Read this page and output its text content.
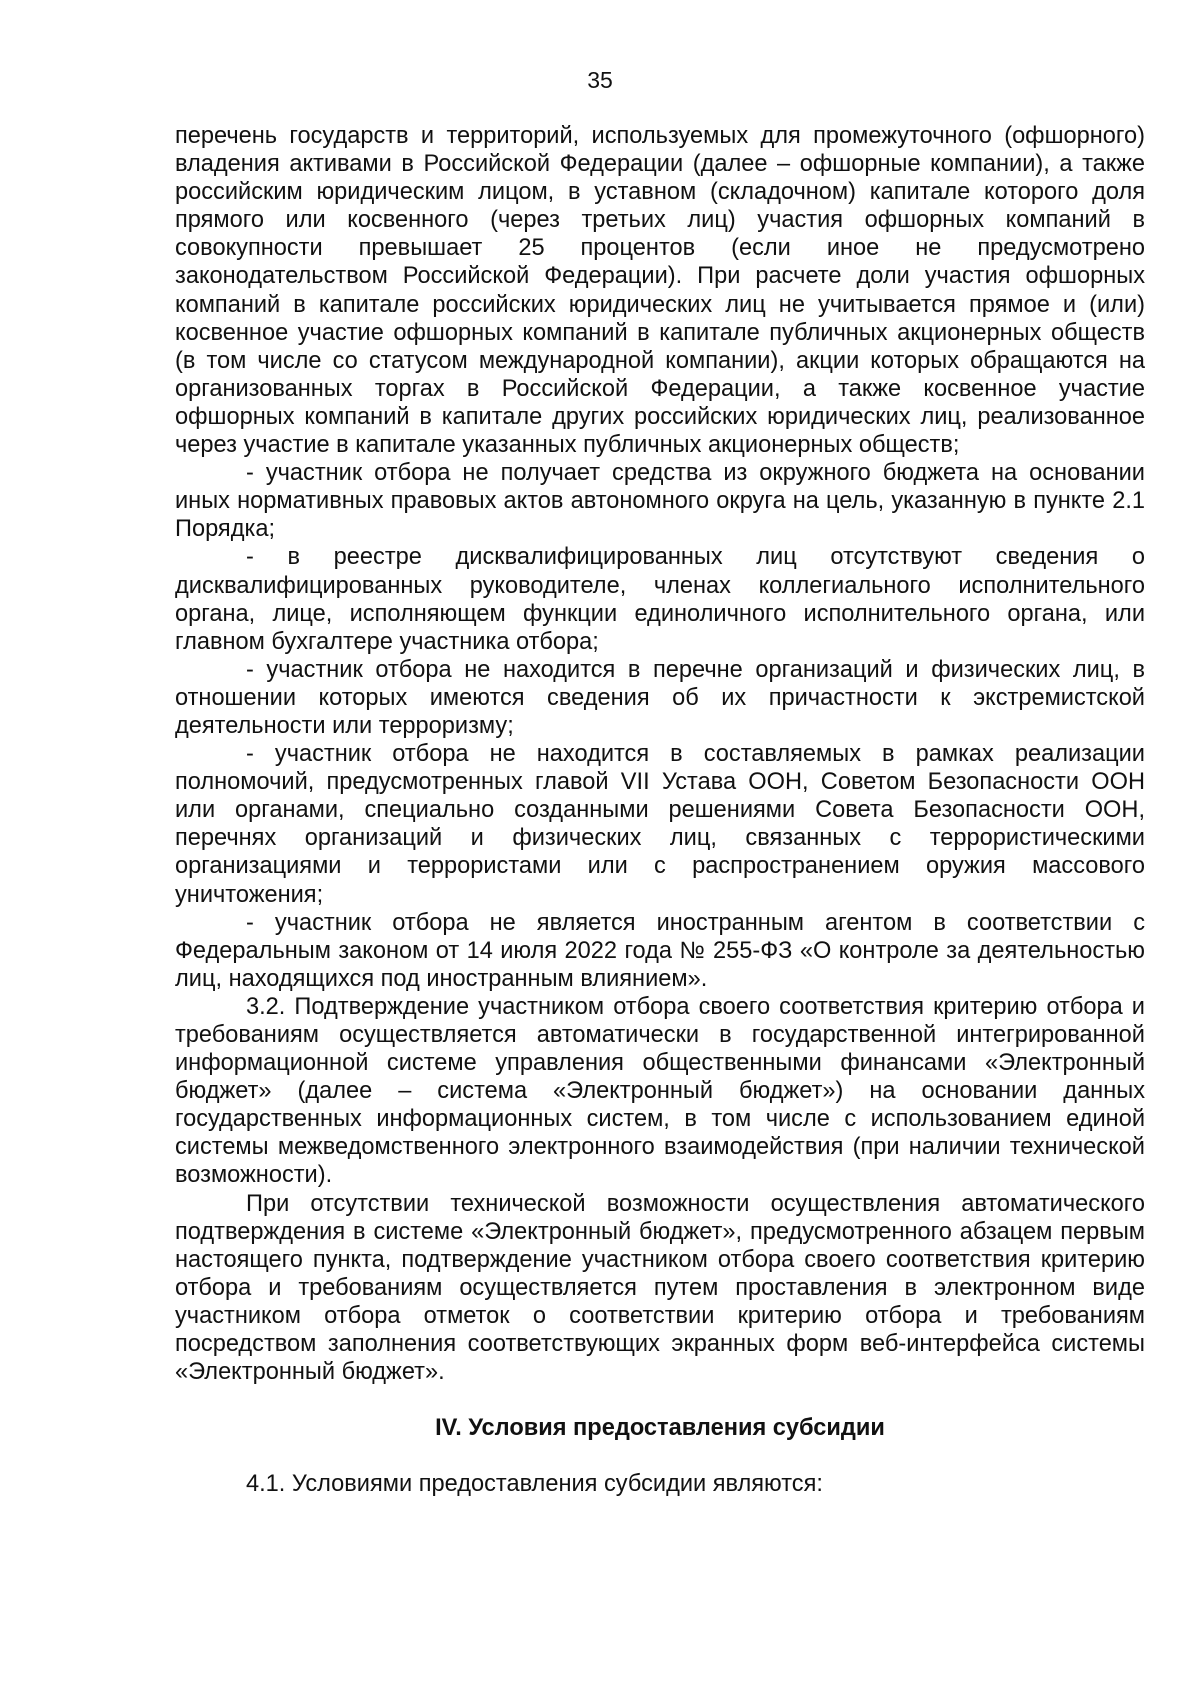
35

перечень государств и территорий, используемых для промежуточного (офшорного) владения активами в Российской Федерации (далее – офшорные компании), а также российским юридическим лицом, в уставном (складочном) капитале которого доля прямого или косвенного (через третьих лиц) участия офшорных компаний в совокупности превышает 25 процентов (если иное не предусмотрено законодательством Российской Федерации). При расчете доли участия офшорных компаний в капитале российских юридических лиц не учитывается прямое и (или) косвенное участие офшорных компаний в капитале публичных акционерных обществ (в том числе со статусом международной компании), акции которых обращаются на организованных торгах в Российской Федерации, а также косвенное участие офшорных компаний в капитале других российских юридических лиц, реализованное через участие в капитале указанных публичных акционерных обществ;

- участник отбора не получает средства из окружного бюджета на основании иных нормативных правовых актов автономного округа на цель, указанную в пункте 2.1 Порядка;

- в реестре дисквалифицированных лиц отсутствуют сведения о дисквалифицированных руководителе, членах коллегиального исполнительного органа, лице, исполняющем функции единоличного исполнительного органа, или главном бухгалтере участника отбора;

- участник отбора не находится в перечне организаций и физических лиц, в отношении которых имеются сведения об их причастности к экстремистской деятельности или терроризму;

- участник отбора не находится в составляемых в рамках реализации полномочий, предусмотренных главой VII Устава ООН, Советом Безопасности ООН или органами, специально созданными решениями Совета Безопасности ООН, перечнях организаций и физических лиц, связанных с террористическими организациями и террористами или с распространением оружия массового уничтожения;

- участник отбора не является иностранным агентом в соответствии с Федеральным законом от 14 июля 2022 года № 255-ФЗ «О контроле за деятельностью лиц, находящихся под иностранным влиянием».

3.2. Подтверждение участником отбора своего соответствия критерию отбора и требованиям осуществляется автоматически в государственной интегрированной информационной системе управления общественными финансами «Электронный бюджет» (далее – система «Электронный бюджет») на основании данных государственных информационных систем, в том числе с использованием единой системы межведомственного электронного взаимодействия (при наличии технической возможности).

При отсутствии технической возможности осуществления автоматического подтверждения в системе «Электронный бюджет», предусмотренного абзацем первым настоящего пункта, подтверждение участником отбора своего соответствия критерию отбора и требованиям осуществляется путем проставления в электронном виде участником отбора отметок о соответствии критерию отбора и требованиям посредством заполнения соответствующих экранных форм веб-интерфейса системы «Электронный бюджет».

IV. Условия предоставления субсидии

4.1. Условиями предоставления субсидии являются:
